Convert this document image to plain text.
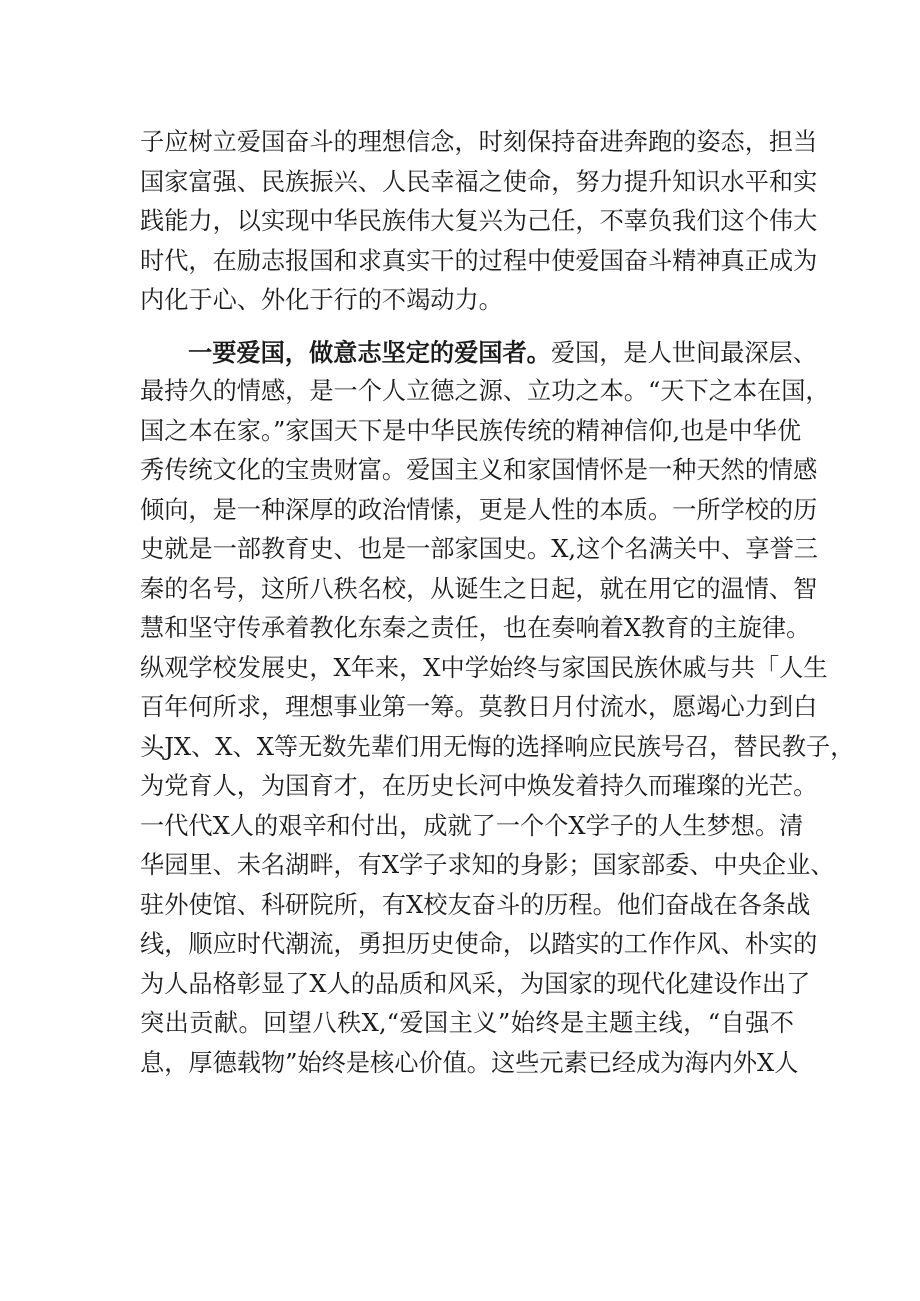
子应树立爱国奋斗的理想信念，时刻保持奋进奔跑的姿态，担当
国家富强、民族振兴、人民幸福之使命，努力提升知识水平和实
践能力，以实现中华民族伟大复兴为己任，不辜负我们这个伟大
时代，在励志报国和求真实干的过程中使爱国奋斗精神真正成为
内化于心、外化于行的不竭动力。
一要爱国，做意志坚定的爱国者。爱国，是人世间最深层、
最持久的情感，是一个人立德之源、立功之本。“天下之本在国，
国之本在家。”家国天下是中华民族传统的精神信仰,也是中华优
秀传统文化的宝贵财富。爱国主义和家国情怀是一种天然的情感
倾向，是一种深厚的政治情愫，更是人性的本质。一所学校的历
史就是一部教育史、也是一部家国史。X,这个名满关中、享誉三
秦的名号，这所八秩名校，从诞生之日起，就在用它的温情、智
慧和坚守传承着教化东秦之责任，也在奏响着X教育的主旋律。
纵观学校发展史，X年来，X中学始终与家国民族休戚与共「人生
百年何所求，理想事业第一筹。莫教日月付流水，愿竭心力到白
头JX、X、X等无数先辈们用无悔的选择响应民族号召，替民教子，
为党育人，为国育才，在历史长河中焕发着持久而璀璨的光芒。
一代代X人的艰辛和付出，成就了一个个X学子的人生梦想。清
华园里、未名湖畔，有X学子求知的身影；国家部委、中央企业、
驻外使馆、科研院所，有X校友奋斗的历程。他们奋战在各条战
线，顺应时代潮流，勇担历史使命，以踏实的工作作风、朴实的
为人品格彰显了X人的品质和风采，为国家的现代化建设作出了
突出贡献。回望八秩X,“爱国主义”始终是主题主线，“自强不
息，厚德载物”始终是核心价值。这些元素已经成为海内外X人
